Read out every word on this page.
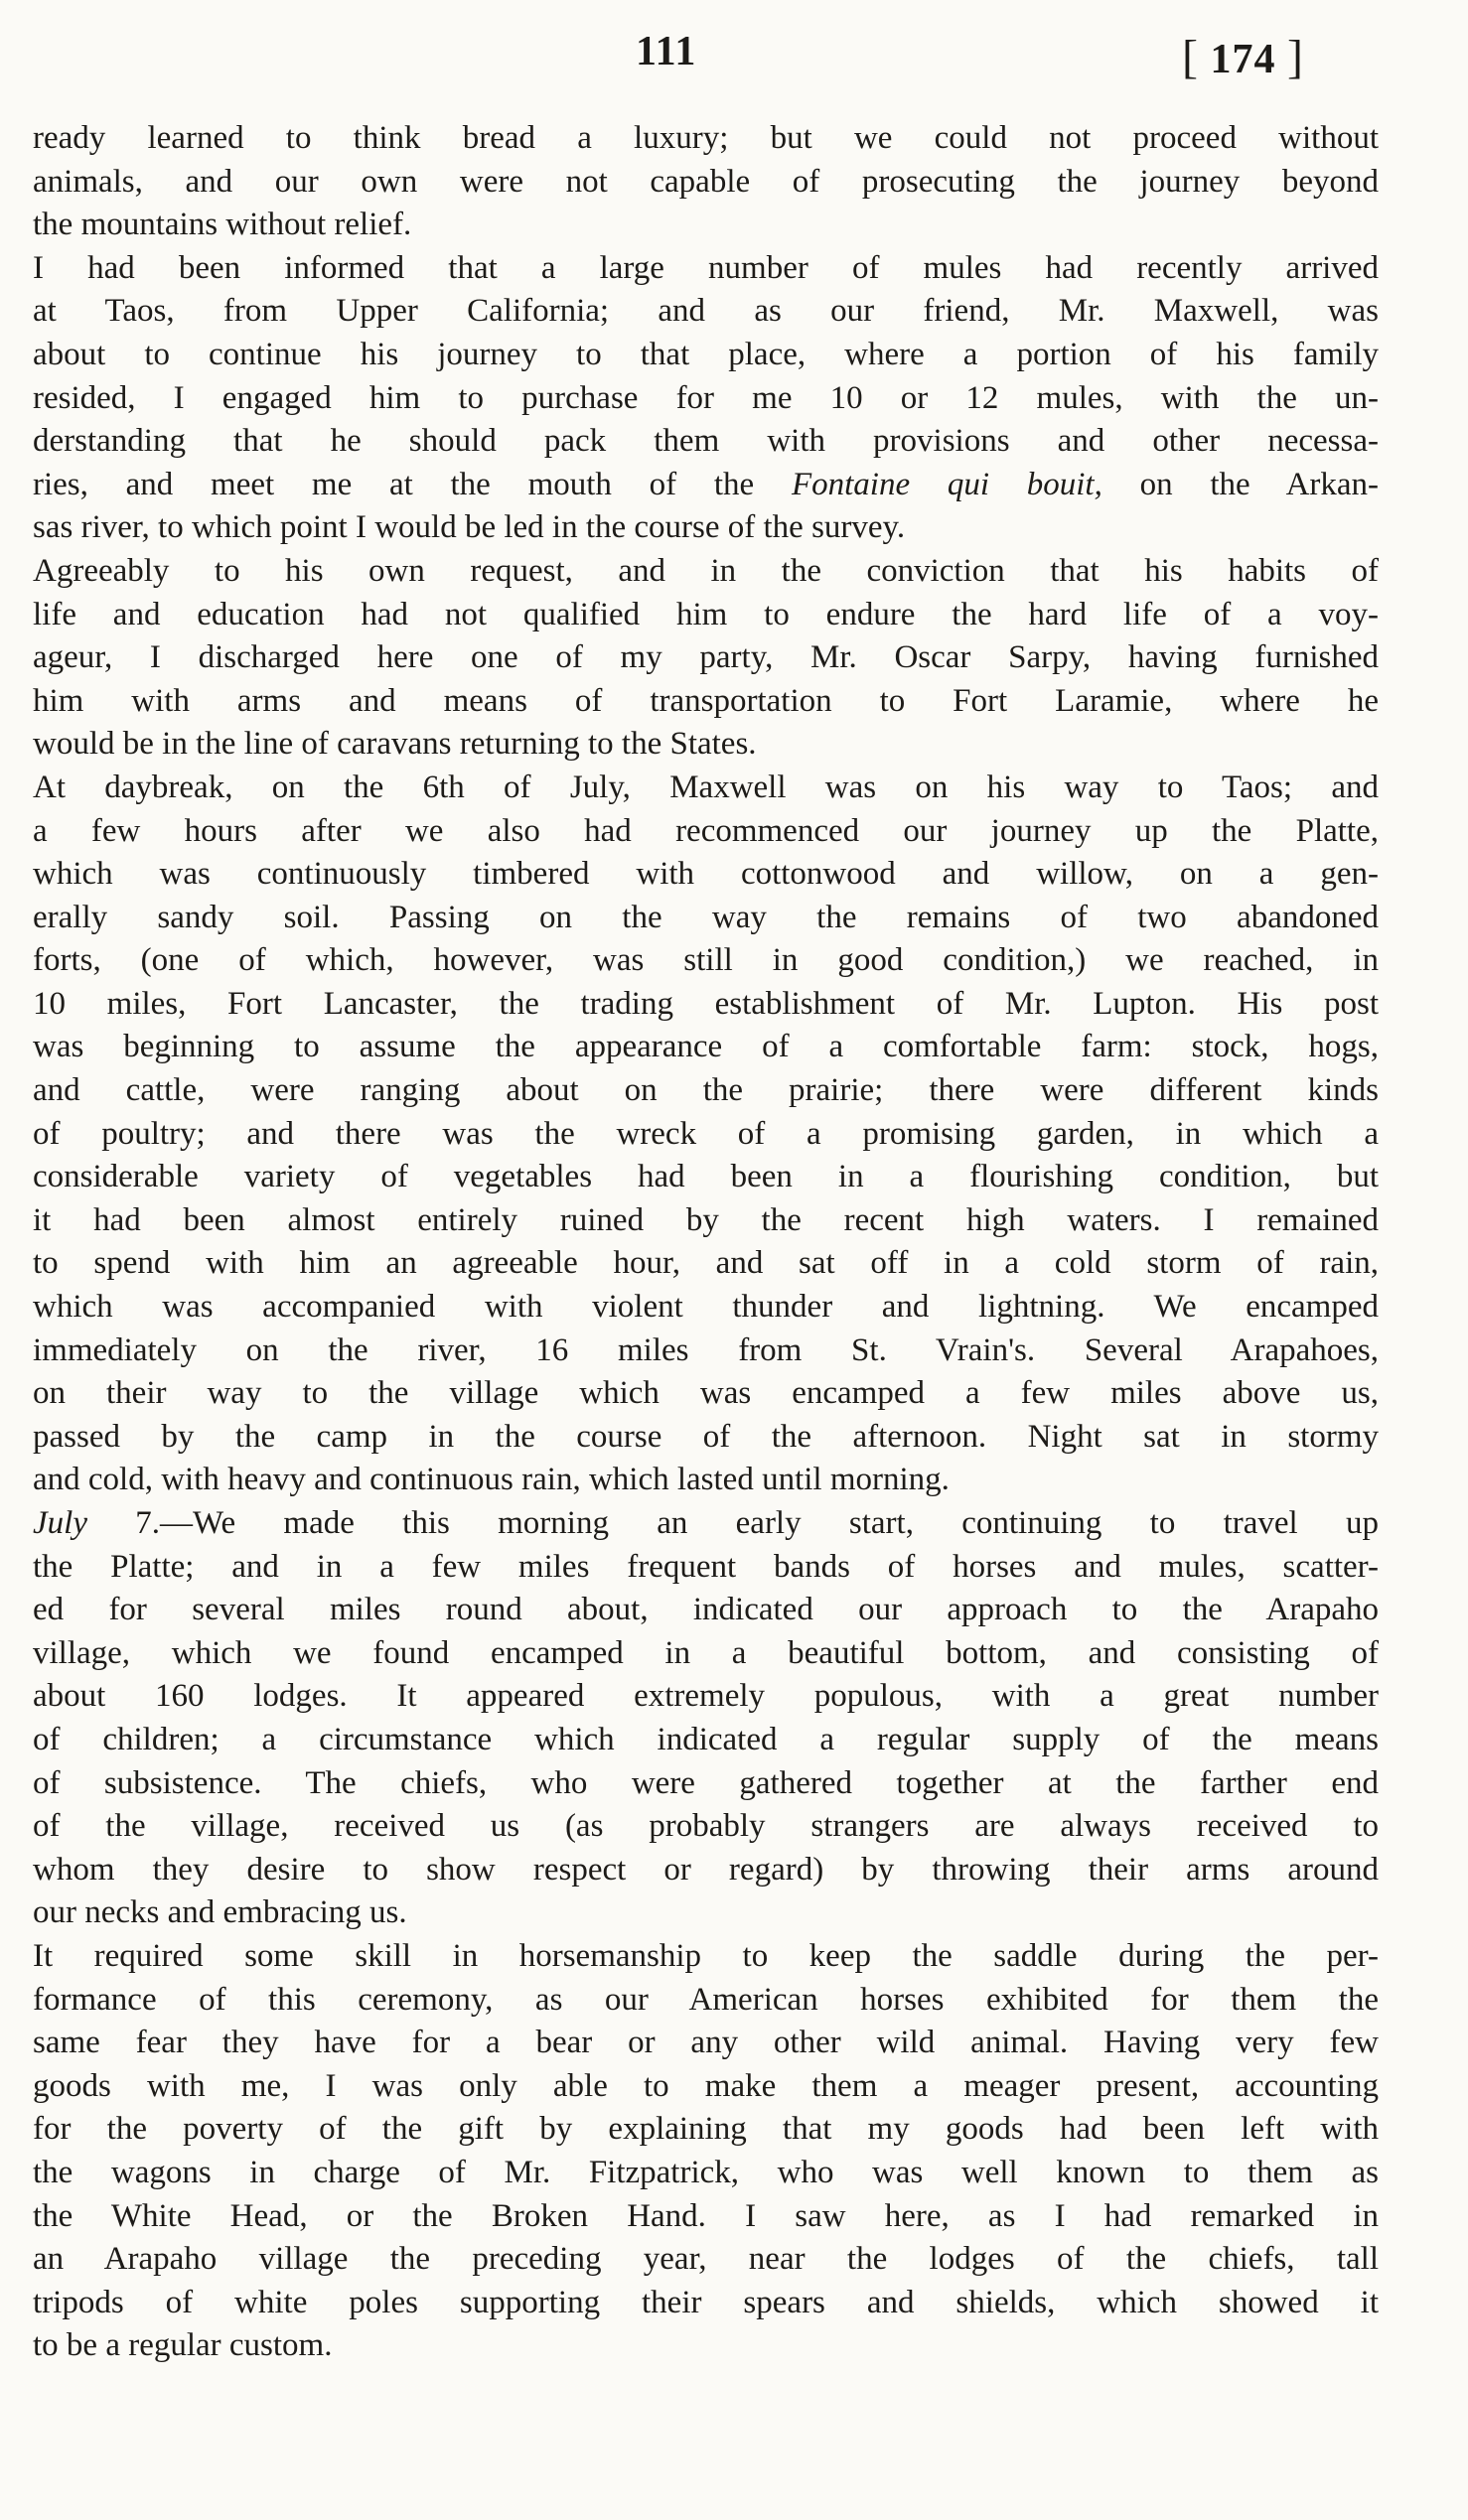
111	[ 174 ]
ready learned to think bread a luxury; but we could not proceed without
animals, and our own were not capable of prosecuting the journey beyond
the mountains without relief.
I had been informed that a large number of mules had recently arrived
at Taos, from Upper California; and as our friend, Mr. Maxwell, was
about to continue his journey to that place, where a portion of his family
resided, I engaged him to purchase for me 10 or 12 mules, with the un-
derstanding that he should pack them with provisions and other necessa-
ries, and meet me at the mouth of the Fontaine qui bouit, on the Arkan-
sas river, to which point I would be led in the course of the survey.
Agreeably to his own request, and in the conviction that his habits of
life and education had not qualified him to endure the hard life of a voy-
ageur, I discharged here one of my party, Mr. Oscar Sarpy, having furnished
him with arms and means of transportation to Fort Laramie, where he
would be in the line of caravans returning to the States.
At daybreak, on the 6th of July, Maxwell was on his way to Taos; and
a few hours after we also had recommenced our journey up the Platte,
which was continuously timbered with cottonwood and willow, on a gen-
erally sandy soil. Passing on the way the remains of two abandoned
forts, (one of which, however, was still in good condition,) we reached, in
10 miles, Fort Lancaster, the trading establishment of Mr. Lupton. His post
was beginning to assume the appearance of a comfortable farm: stock, hogs,
and cattle, were ranging about on the prairie; there were different kinds
of poultry; and there was the wreck of a promising garden, in which a
considerable variety of vegetables had been in a flourishing condition, but
it had been almost entirely ruined by the recent high waters. I remained
to spend with him an agreeable hour, and sat off in a cold storm of rain,
which was accompanied with violent thunder and lightning. We encamped
immediately on the river, 16 miles from St. Vrain's. Several Arapahoes,
on their way to the village which was encamped a few miles above us,
passed by the camp in the course of the afternoon. Night sat in stormy
and cold, with heavy and continuous rain, which lasted until morning.
July 7.—We made this morning an early start, continuing to travel up
the Platte; and in a few miles frequent bands of horses and mules, scatter-
ed for several miles round about, indicated our approach to the Arapaho
village, which we found encamped in a beautiful bottom, and consisting of
about 160 lodges. It appeared extremely populous, with a great number
of children; a circumstance which indicated a regular supply of the means
of subsistence. The chiefs, who were gathered together at the farther end
of the village, received us (as probably strangers are always received to
whom they desire to show respect or regard) by throwing their arms around
our necks and embracing us.
It required some skill in horsemanship to keep the saddle during the per-
formance of this ceremony, as our American horses exhibited for them the
same fear they have for a bear or any other wild animal. Having very few
goods with me, I was only able to make them a meager present, accounting
for the poverty of the gift by explaining that my goods had been left with
the wagons in charge of Mr. Fitzpatrick, who was well known to them as
the White Head, or the Broken Hand. I saw here, as I had remarked in
an Arapaho village the preceding year, near the lodges of the chiefs, tall
tripods of white poles supporting their spears and shields, which showed it
to be a regular custom.
